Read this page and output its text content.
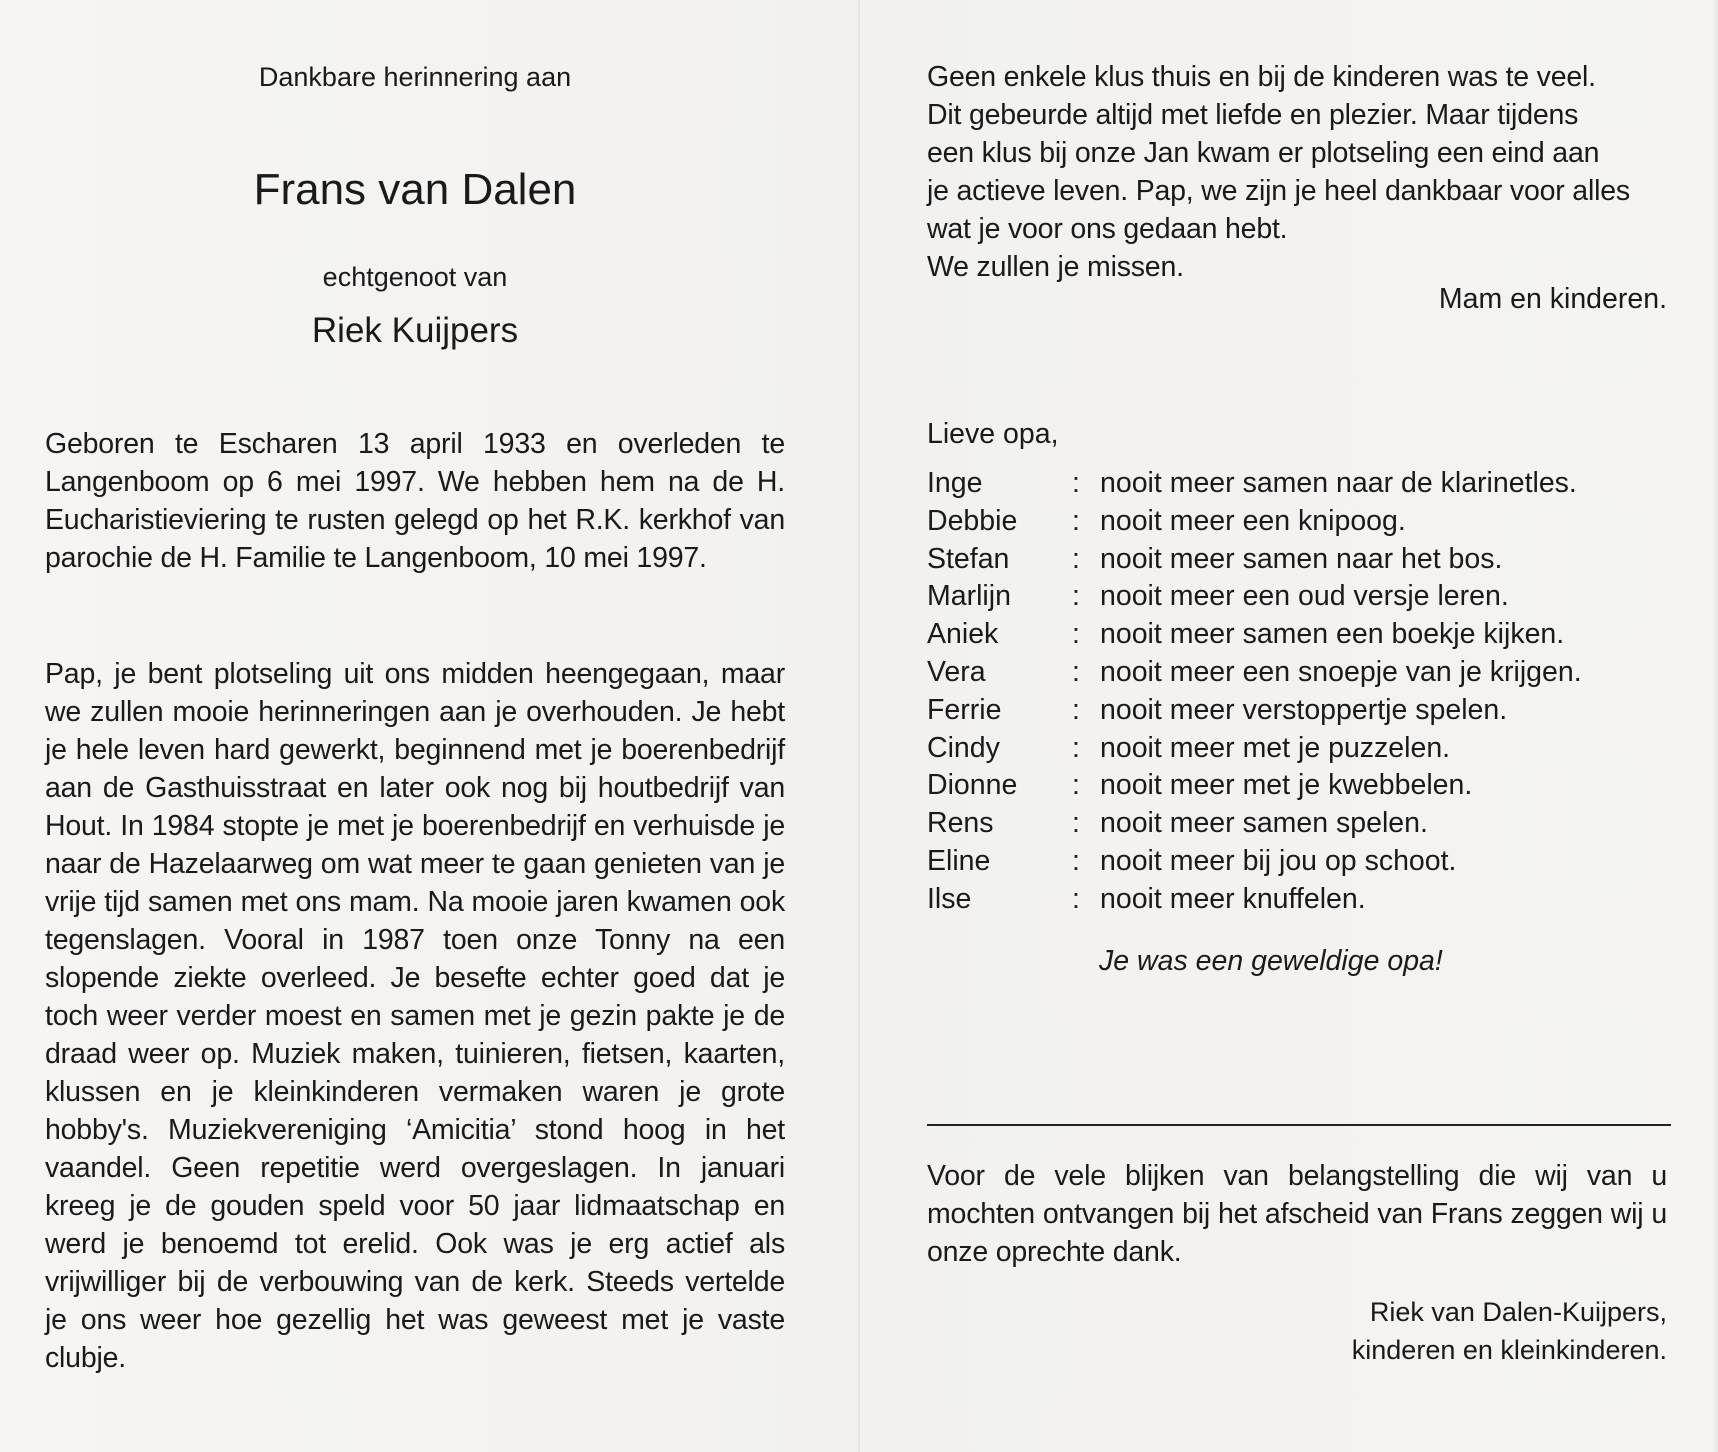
Dankbare herinnering aan
Frans van Dalen
echtgenoot van
Riek Kuijpers
Geboren te Escharen 13 april 1933 en overleden te Langenboom op 6 mei 1997. We hebben hem na de H. Eucharistieviering te rusten gelegd op het R.K. kerkhof van parochie de H. Familie te Langenboom, 10 mei 1997.
Pap, je bent plotseling uit ons midden heengegaan, maar we zullen mooie herinneringen aan je overhouden. Je hebt je hele leven hard gewerkt, beginnend met je boerenbedrijf aan de Gasthuisstraat en later ook nog bij houtbedrijf van Hout. In 1984 stopte je met je boerenbedrijf en verhuisde je naar de Hazelaarweg om wat meer te gaan genieten van je vrije tijd samen met ons mam. Na mooie jaren kwamen ook tegenslagen. Vooral in 1987 toen onze Tonny na een slopende ziekte overleed. Je besefte echter goed dat je toch weer verder moest en samen met je gezin pakte je de draad weer op. Muziek maken, tuinieren, fietsen, kaarten, klussen en je kleinkinderen vermaken waren je grote hobby's. Muziekvereniging ‘Amicitia’ stond hoog in het vaandel. Geen repetitie werd overgeslagen. In januari kreeg je de gouden speld voor 50 jaar lidmaatschap en werd je benoemd tot erelid. Ook was je erg actief als vrijwilliger bij de verbouwing van de kerk. Steeds vertelde je ons weer hoe gezellig het was geweest met je vaste clubje.
Geen enkele klus thuis en bij de kinderen was te veel.
Dit gebeurde altijd met liefde en plezier. Maar tijdens
een klus bij onze Jan kwam er plotseling een eind aan
je actieve leven. Pap, we zijn je heel dankbaar voor alles
wat je voor ons gedaan hebt.
We zullen je missen.
Mam en kinderen.
Lieve opa,
Inge	: nooit meer samen naar de klarinetles.
Debbie : nooit meer een knipoog.
Stefan : nooit meer samen naar het bos.
Marlijn : nooit meer een oud versje leren.
Aniek	: nooit meer samen een boekje kijken.
Vera	: nooit meer een snoepje van je krijgen.
Ferrie : nooit meer verstoppertje spelen.
Cindy	: nooit meer met je puzzelen.
Dionne : nooit meer met je kwebbelen.
Rens	: nooit meer samen spelen.
Eline	: nooit meer bij jou op schoot.
Ilse	: nooit meer knuffelen.
Je was een geweldige opa!
Voor de vele blijken van belangstelling die wij van u mochten ontvangen bij het afscheid van Frans zeggen wij u onze oprechte dank.
Riek van Dalen-Kuijpers,
kinderen en kleinkinderen.
